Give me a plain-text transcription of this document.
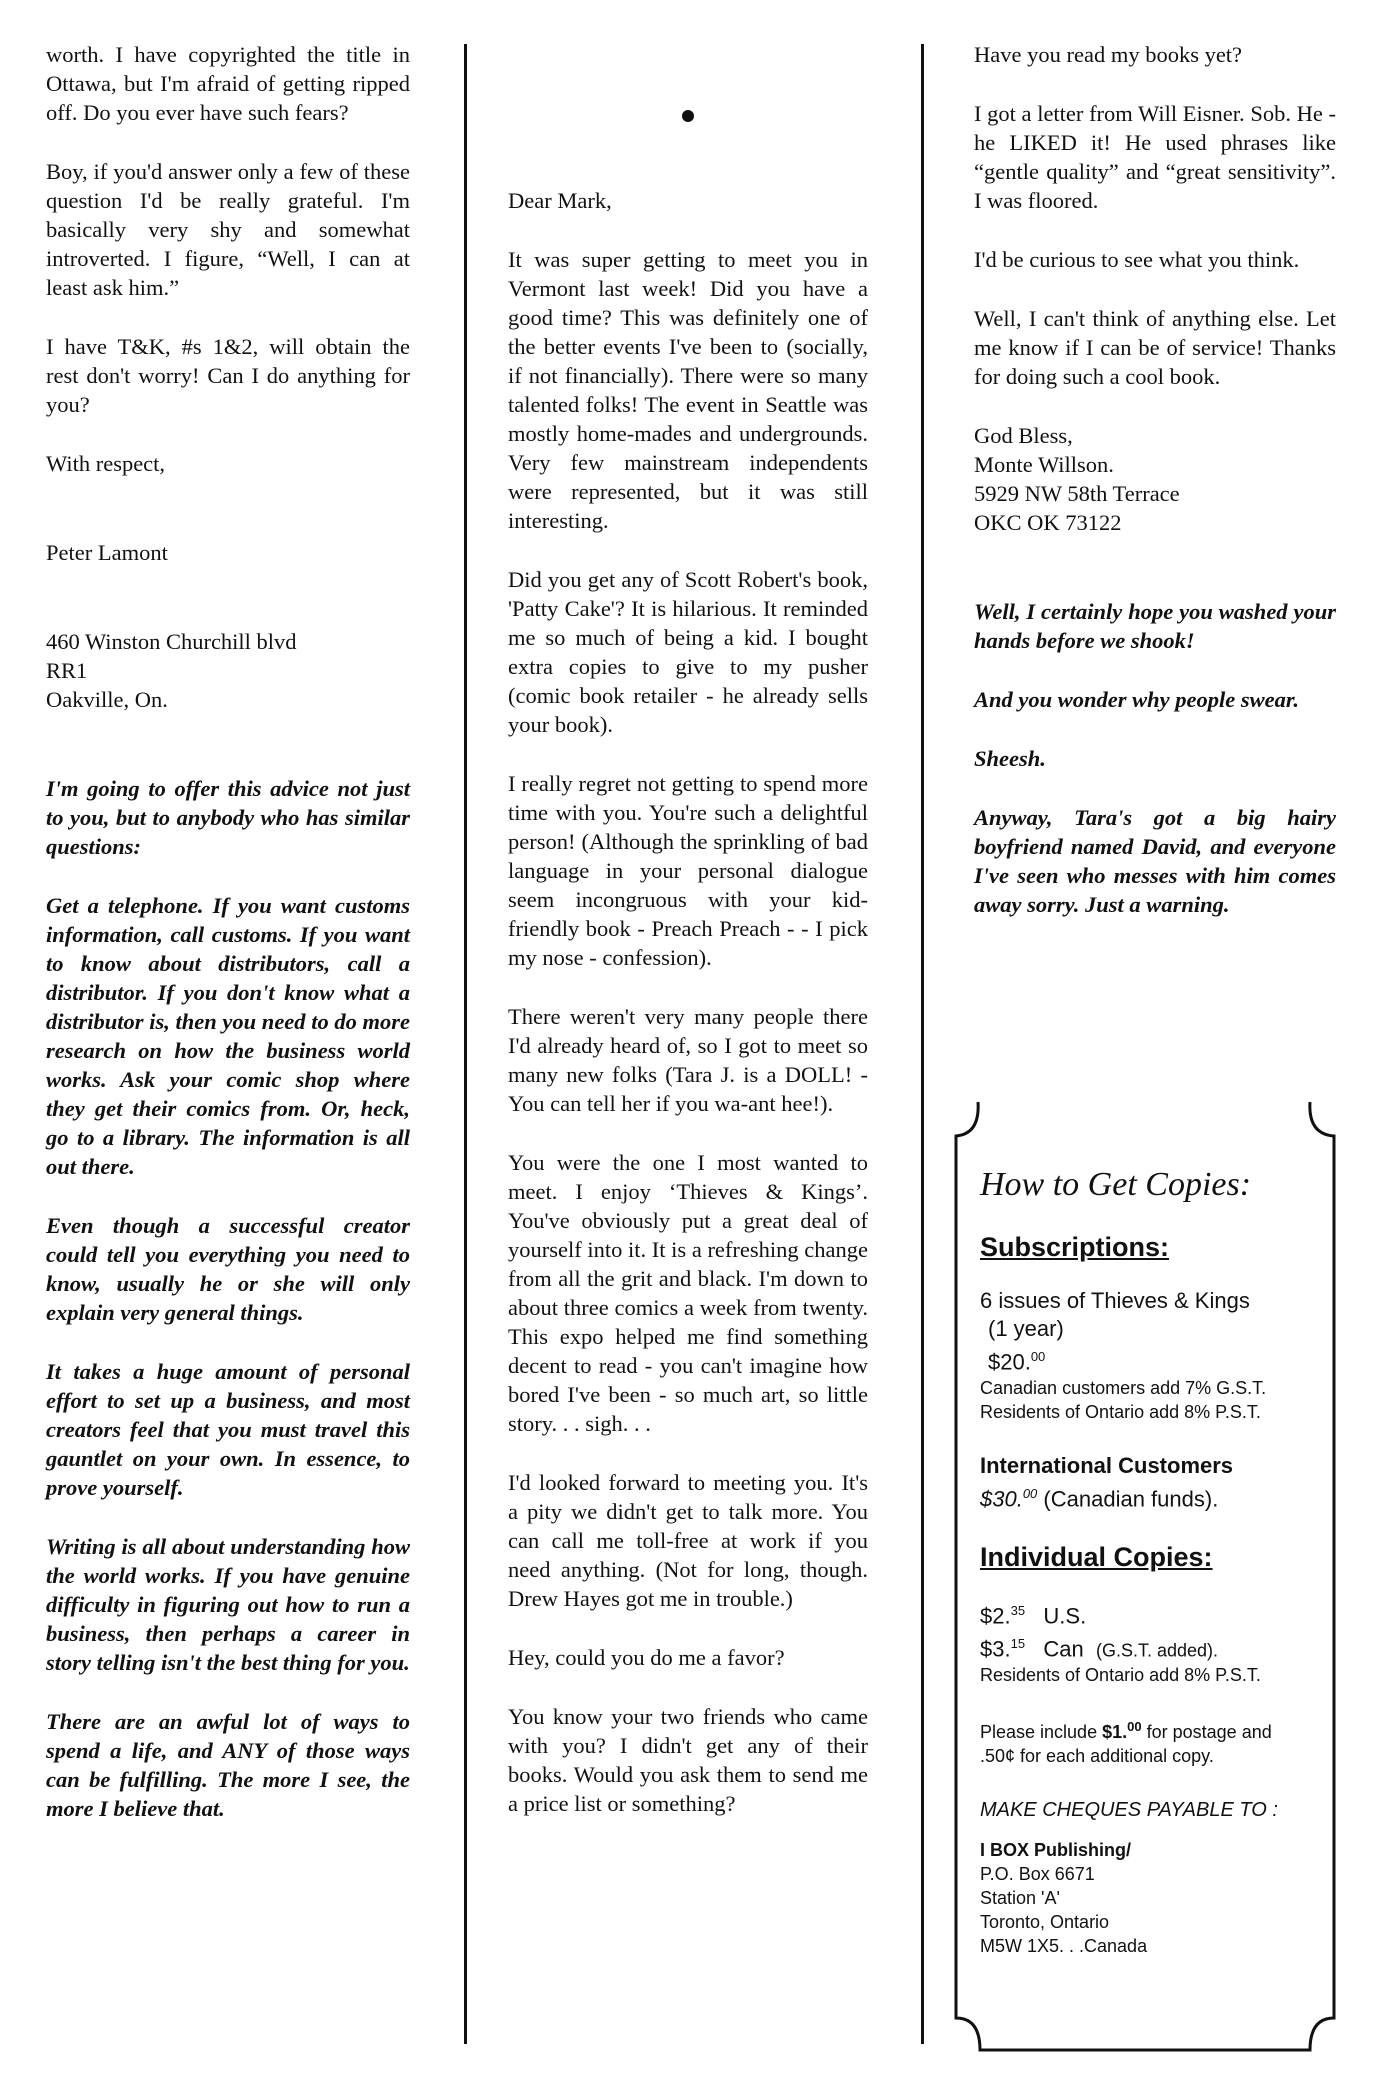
worth. I have copyrighted the title in Ottawa, but I'm afraid of getting ripped off. Do you ever have such fears?

Boy, if you'd answer only a few of these question I'd be really grateful. I'm basically very shy and somewhat introverted. I figure, “Well, I can at least ask him.”

I have T&K, #s 1&2, will obtain the rest don't worry! Can I do anything for you?

With respect,

Peter Lamont

460 Winston Churchill blvd

RR1

Oakville, On.

I'm going to offer this advice not just to you, but to anybody who has similar questions:

Get a telephone. If you want customs information, call customs. If you want to know about distributors, call a distributor. If you don't know what a distributor is, then you need to do more research on how the business world works. Ask your comic shop where they get their comics from. Or, heck, go to a library. The information is all out there.

Even though a successful creator could tell you everything you need to know, usually he or she will only explain very general things.

It takes a huge amount of personal effort to set up a business, and most creators feel that you must travel this gauntlet on your own. In essence, to prove yourself.

Writing is all about understanding how the world works. If you have genuine difficulty in figuring out how to run a business, then perhaps a career in story telling isn't the best thing for you.

There are an awful lot of ways to spend a life, and ANY of those ways can be fulfilling. The more I see, the more I believe that.

Dear Mark,

It was super getting to meet you in Vermont last week! Did you have a good time? This was definitely one of the better events I've been to (socially, if not financially). There were so many talented folks! The event in Seattle was mostly home-mades and undergrounds. Very few mainstream independents were represented, but it was still interesting.

Did you get any of Scott Robert's book, 'Patty Cake'? It is hilarious. It reminded me so much of being a kid. I bought extra copies to give to my pusher (comic book retailer - he already sells your book).

I really regret not getting to spend more time with you. You're such a delightful person! (Although the sprinkling of bad language in your personal dialogue seem incongruous with your kid-friendly book - Preach Preach - - I pick my nose - confession).

There weren't very many people there I'd already heard of, so I got to meet so many new folks (Tara J. is a DOLL! -You can tell her if you wa-ant hee!).

You were the one I most wanted to meet. I enjoy ‘Thieves & Kings’. You've obviously put a great deal of yourself into it. It is a refreshing change from all the grit and black. I'm down to about three comics a week from twenty. This expo helped me find something decent to read - you can't imagine how bored I've been - so much art, so little story. . . sigh. . .

I'd looked forward to meeting you. It's a pity we didn't get to talk more. You can call me toll-free at work if you need anything. (Not for long, though. Drew Hayes got me in trouble.)

Hey, could you do me a favor?

You know your two friends who came with you? I didn't get any of their books. Would you ask them to send me a price list or something?

Have you read my books yet?

I got a letter from Will Eisner. Sob. He - he LIKED it! He used phrases like “gentle quality” and “great sensitivity”. I was floored.

I'd be curious to see what you think.

Well, I can't think of anything else. Let me know if I can be of service! Thanks for doing such a cool book.

God Bless,

Monte Willson.

5929 NW 58th Terrace

OKC OK 73122

Well, I certainly hope you washed your hands before we shook!

And you wonder why people swear.

Sheesh.

Anyway, Tara's got a big hairy boyfriend named David, and everyone I've seen who messes with him comes away sorry. Just a warning.

How to Get Copies:
Subscriptions:
6 issues of Thieves & Kings
(1 year)
$20.00
Canadian customers add 7% G.S.T.
Residents of Ontario add 8% P.S.T.
International Customers
$30.00 (Canadian funds).
Individual Copies:
$2.35 U.S.
$3.15 Can (G.S.T. added).
Residents of Ontario add 8% P.S.T.
Please include $1.00 for postage and
.50¢ for each additional copy.
MAKE CHEQUES PAYABLE TO :
I BOX Publishing/
P.O. Box 6671
Station 'A'
Toronto, Ontario
M5W 1X5. . .Canada
